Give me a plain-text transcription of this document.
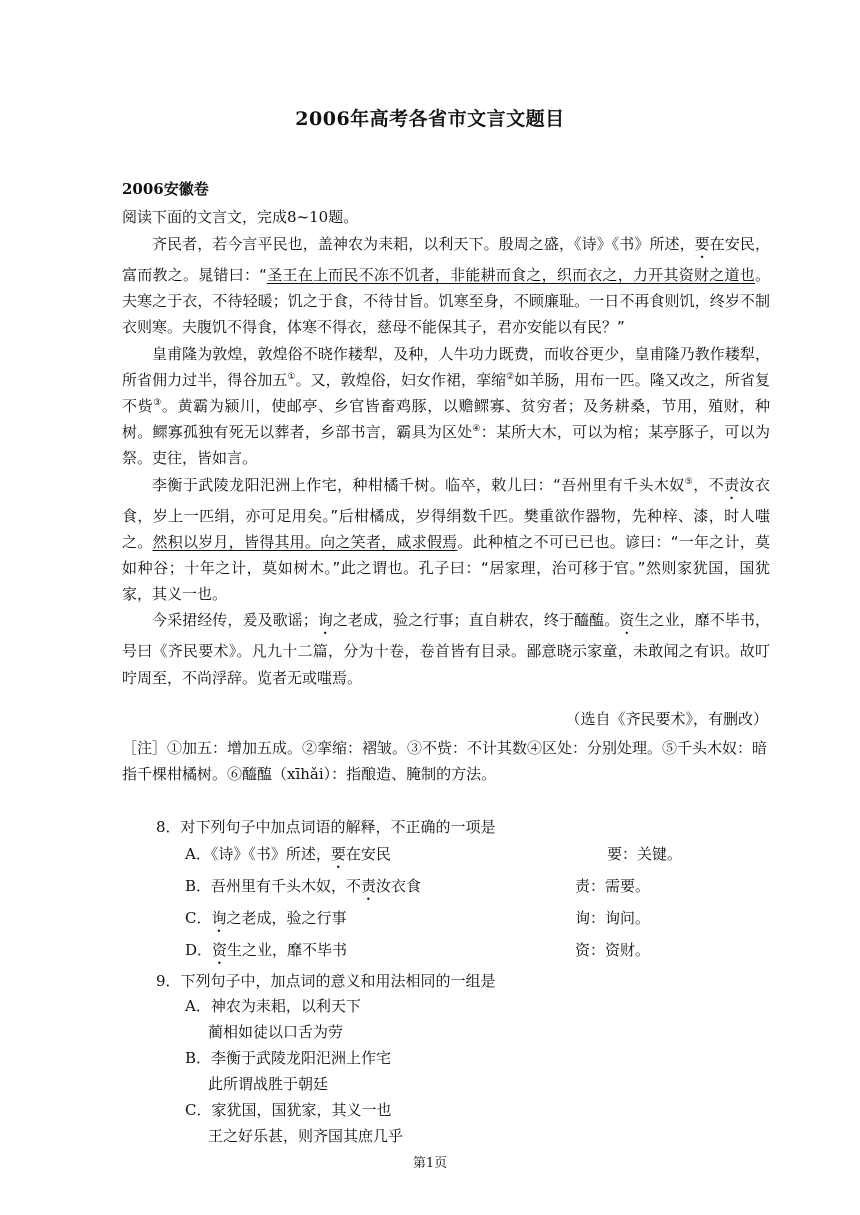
2006年高考各省市文言文题目
2006安徽卷
阅读下面的文言文，完成8~10题。

齐民者，若今言平民也，盖神农为耒耜，以利天下。殷周之盛，《诗》《书》所述，要在安民，富而教之。晁错曰：“圣王在上而民不冻不饥者，非能耕而食之，织而衣之，力开其资财之道也。夫寒之于衣，不待轻暖；饥之于食，不待甘旨。饥寒至身，不顾廉耻。一日不再食则饥，终岁不制衣则寒。夫腹饥不得食，体寒不得衣，慈母不能保其子，君亦安能以有民？”

皇甫隆为敦煌，敦煌俗不晓作耧犁，及种，人牛功力既费，而收谷更少，皇甫隆乃教作耧犁，所省佣力过半，得谷加五①。又，敦煌俗，妇女作裙，挛缩②如羊肠，用布一匹。隆又改之，所省复不赀③。黄霸为颍川，使邮亭、乡官皆畜鸡豚，以赡鳏寡、贫穷者；及务耕桑，节用，殖财，种树。鳏寡孤独有死无以葬者，乡部书言，霸具为区处④：某所大木，可以为棺；某亭豚子，可以为祭。吏往，皆如言。

李衡于武陵龙阳汜洲上作宅，种柑橘千树。临卒，敕儿曰：“吾州里有千头木奴⑤，不责汝衣食，岁上一匹绢，亦可足用矣。”后柑橘成，岁得绢数千匹。樊重欲作器物，先种梓、漆，时人嗤之。然积以岁月，皆得其用。向之笑者，咸求假焉。此种植之不可已已也。谚曰：“一年之计，莫如种谷；十年之计，莫如树木。”此之谓也。孔子曰：“居家理，治可移于官。”然则家犹国，国犹家，其义一也。

今采捃经传，爰及歌谣；询之老成，验之行事；直自耕农，终于醯醢。资生之业，靡不毕书，号曰《齐民要术》。凡九十二篇，分为十卷，卷首皆有目录。鄙意晓示家童，未敢闻之有识。故叮咛周至，不尚浮辞。览者无或嗤焉。

（选自《齐民要术》，有删改）
［注］①加五：增加五成。②挛缩：褶皱。③不赀：不计其数④区处：分别处理。⑤千头木奴：暗指千棵柑橘树。⑥醯醢（xīhǎi）：指酿造、腌制的方法。
8．对下列句子中加点词语的解释，不正确的一项是
A．《诗》《书》所述，要在安民	要：关键。
B．吾州里有千头木奴，不责汝衣食	责：需要。
C．询之老成，验之行事	询：询问。
D．资生之业，靡不毕书	资：资财。
9．下列句子中，加点词的意义和用法相同的一组是
A．神农为耒耜，以利天下
蔺相如徒以口舌为劳
B．李衡于武陵龙阳汜洲上作宅
此所谓战胜于朝廷
C．家犹国，国犹家，其义一也
王之好乐甚，则齐国其庶几乎
第1页
